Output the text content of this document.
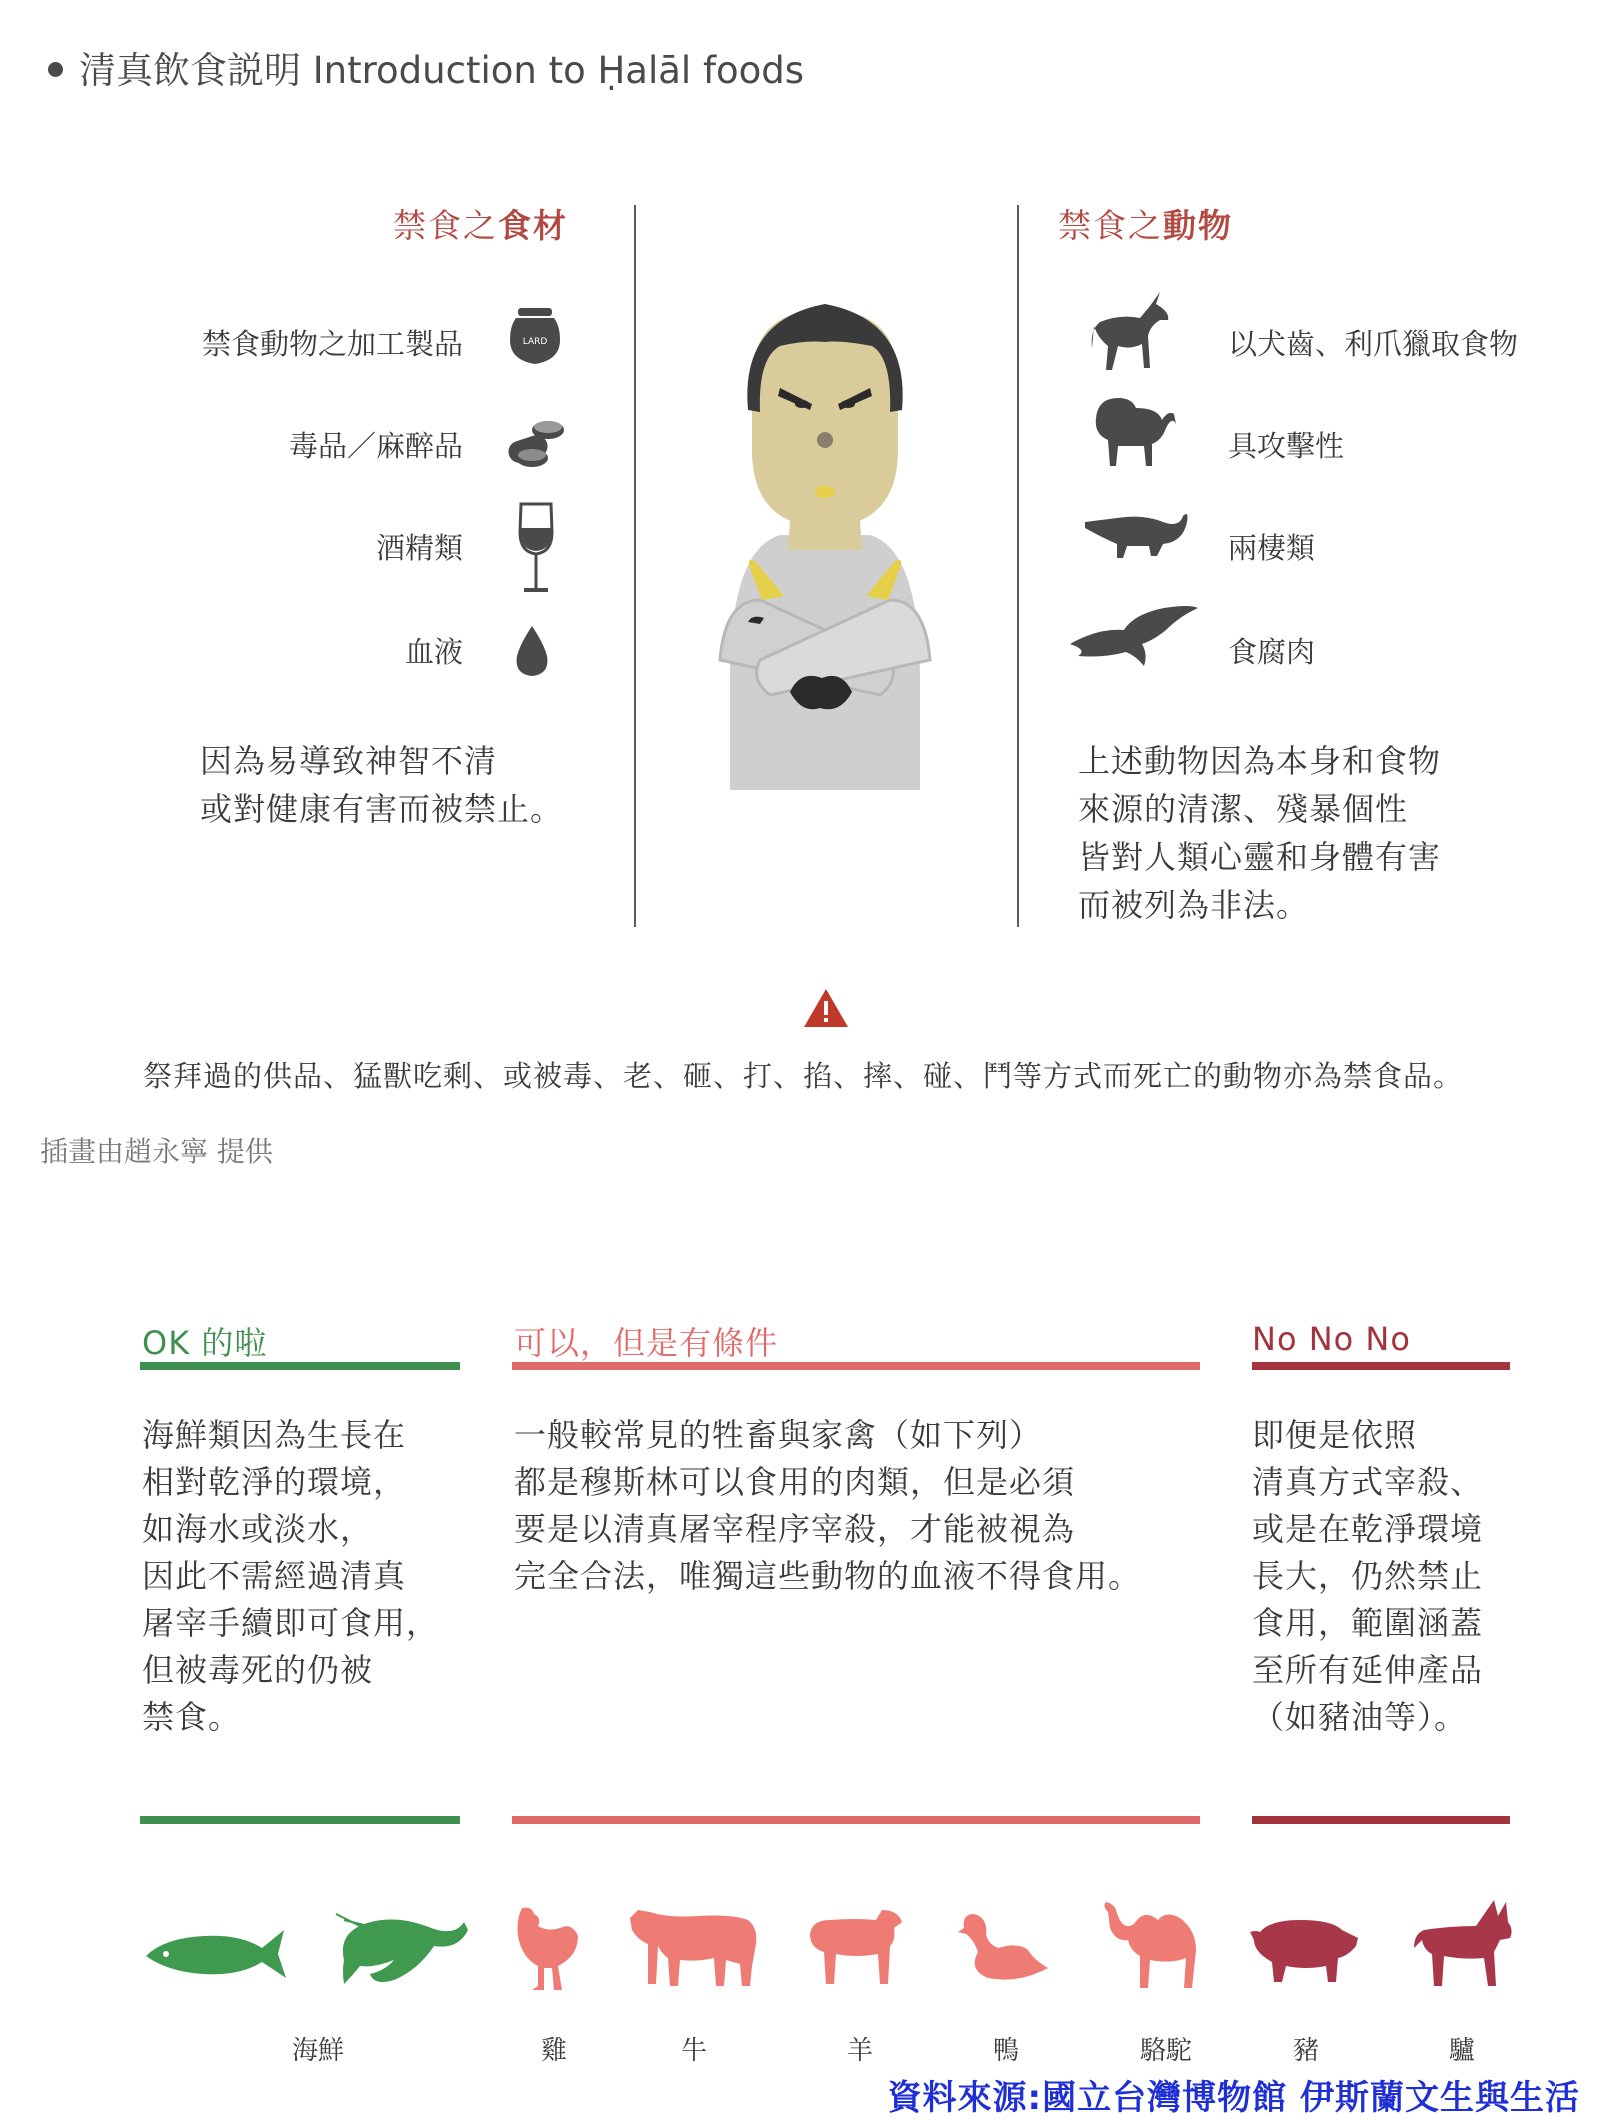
清真飲食説明 Introduction to Ḥalāl foods
禁食之食材	禁食之動物
禁食動物之加工製品
毒品／麻醉品
酒精類
血液
LARD	以犬齒、利爪獵取食物
具攻擊性
兩棲類
食腐肉
因為易導致神智不清
或對健康有害而被禁止。
上述動物因為本身和食物
來源的清潔、殘暴個性
皆對人類心靈和身體有害
而被列為非法。
祭拜過的供品、猛獸吃剩、或被毒、老、砸、打、掐、摔、碰、鬥等方式而死亡的動物亦為禁食品。
插畫由趙永寧 提供
OK 的啦	可以，但是有條件	No No No
海鮮類因為生長在
相對乾淨的環境，
如海水或淡水，
因此不需經過清真
屠宰手續即可食用，
但被毒死的仍被
禁食。
一般較常見的牲畜與家禽（如下列）
都是穆斯林可以食用的肉類，但是必須
要是以清真屠宰程序宰殺，才能被視為
完全合法，唯獨這些動物的血液不得食用。
即便是依照
清真方式宰殺、
或是在乾淨環境
長大，仍然禁止
食用，範圍涵蓋
至所有延伸產品
（如豬油等）。
海鮮	雞	牛	羊	鴨	駱駝	豬	驢
資料來源:國立台灣博物館 伊斯蘭文生與生活
